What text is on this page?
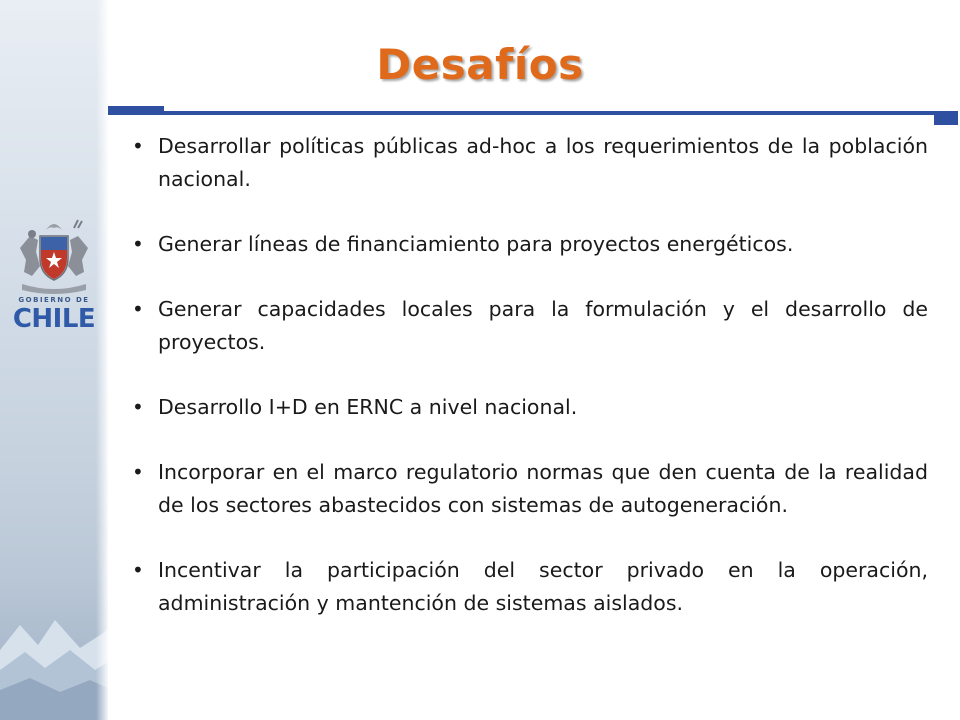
GOBIERNO DE
CHILE
Desafíos
• Desarrollar políticas públicas ad-hoc a los requerimientos de la población nacional.
• Generar líneas de financiamiento para proyectos energéticos.
• Generar capacidades locales para la formulación y el desarrollo de proyectos.
• Desarrollo I+D en ERNC a nivel nacional.
• Incorporar en el marco regulatorio normas que den cuenta de la realidad de los sectores abastecidos con sistemas de autogeneración.
• Incentivar la participación del sector privado en la operación, administración y mantención de sistemas aislados.
